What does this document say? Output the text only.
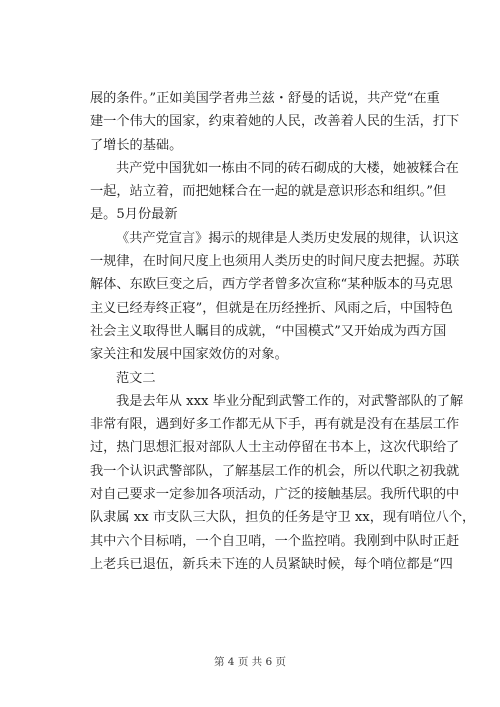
展的条件。”正如美国学者弗兰兹・舒曼的话说，共产党“在重
建一个伟大的国家，约束着她的人民，改善着人民的生活，打下
了增长的基础。
共产党中国犹如一栋由不同的砖石砌成的大楼，她被糅合在
一起，站立着，而把她糅合在一起的就是意识形态和组织。”但
是。5月份最新
《共产党宣言》揭示的规律是人类历史发展的规律，认识这
一规律，在时间尺度上也须用人类历史的时间尺度去把握。苏联
解体、东欧巨变之后，西方学者曾多次宣称“某种版本的马克思
主义已经寿终正寝”，但就是在历经挫折、风雨之后，中国特色
社会主义取得世人瞩目的成就，“中国模式”又开始成为西方国
家关注和发展中国家效仿的对象。
范文二
我是去年从 xxx 毕业分配到武警工作的，对武警部队的了解
非常有限，遇到好多工作都无从下手，再有就是没有在基层工作
过，热门思想汇报对部队人士主动停留在书本上，这次代职给了
我一个认识武警部队，了解基层工作的机会，所以代职之初我就
对自己要求一定参加各项活动，广泛的接触基层。我所代职的中
队隶属 xx 市支队三大队，担负的任务是守卫 xx，现有哨位八个，
其中六个目标哨，一个自卫哨，一个监控哨。我刚到中队时正赶
上老兵已退伍，新兵未下连的人员紧缺时候，每个哨位都是“四
第 4 页 共 6 页
